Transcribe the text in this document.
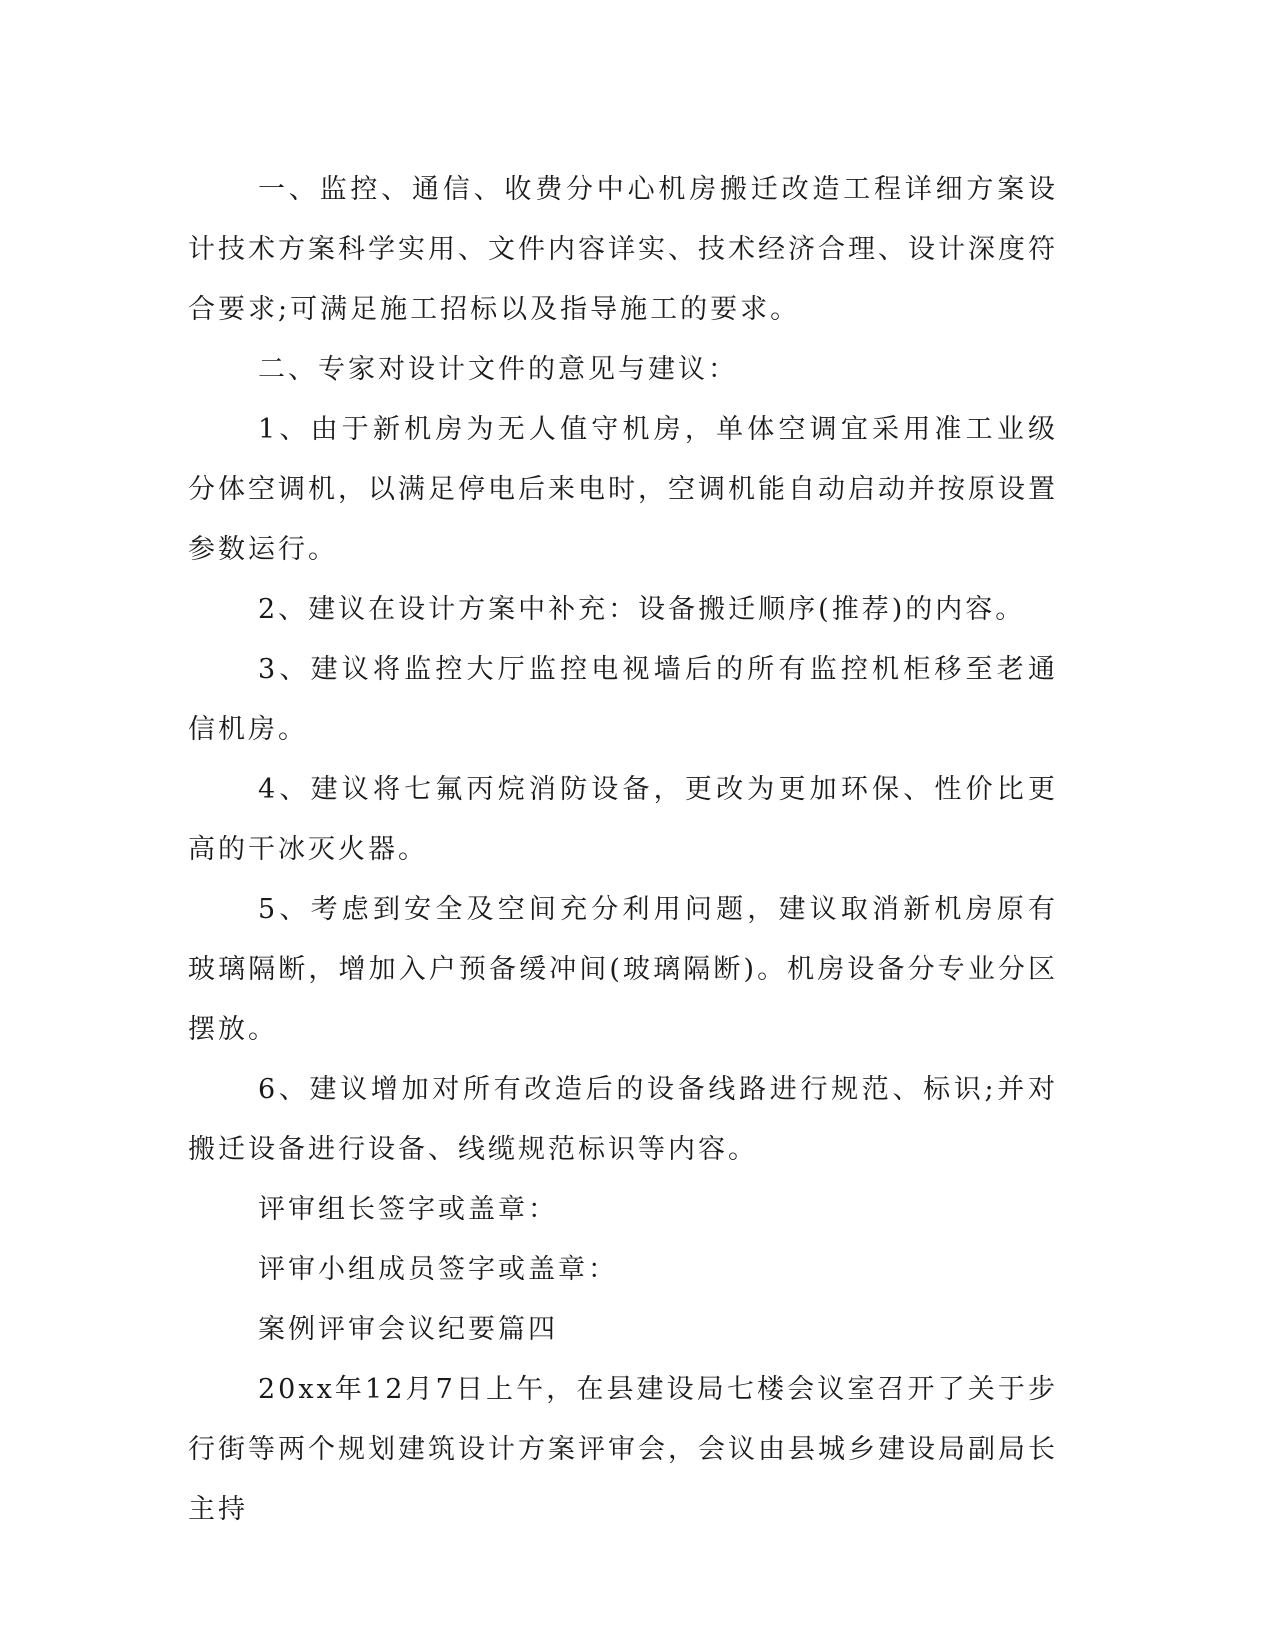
一、监控、通信、收费分中心机房搬迁改造工程详细方案设计技术方案科学实用、文件内容详实、技术经济合理、设计深度符合要求;可满足施工招标以及指导施工的要求。

二、专家对设计文件的意见与建议：

1、由于新机房为无人值守机房，单体空调宜采用准工业级分体空调机，以满足停电后来电时，空调机能自动启动并按原设置参数运行。

2、建议在设计方案中补充：设备搬迁顺序(推荐)的内容。

3、建议将监控大厅监控电视墙后的所有监控机柜移至老通信机房。

4、建议将七氟丙烷消防设备，更改为更加环保、性价比更高的干冰灭火器。

5、考虑到安全及空间充分利用问题，建议取消新机房原有玻璃隔断，增加入户预备缓冲间(玻璃隔断)。机房设备分专业分区摆放。

6、建议增加对所有改造后的设备线路进行规范、标识;并对搬迁设备进行设备、线缆规范标识等内容。

评审组长签字或盖章：

评审小组成员签字或盖章：

案例评审会议纪要篇四

20xx年12月7日上午，在县建设局七楼会议室召开了关于步行街等两个规划建筑设计方案评审会，会议由县城乡建设局副局长主持
